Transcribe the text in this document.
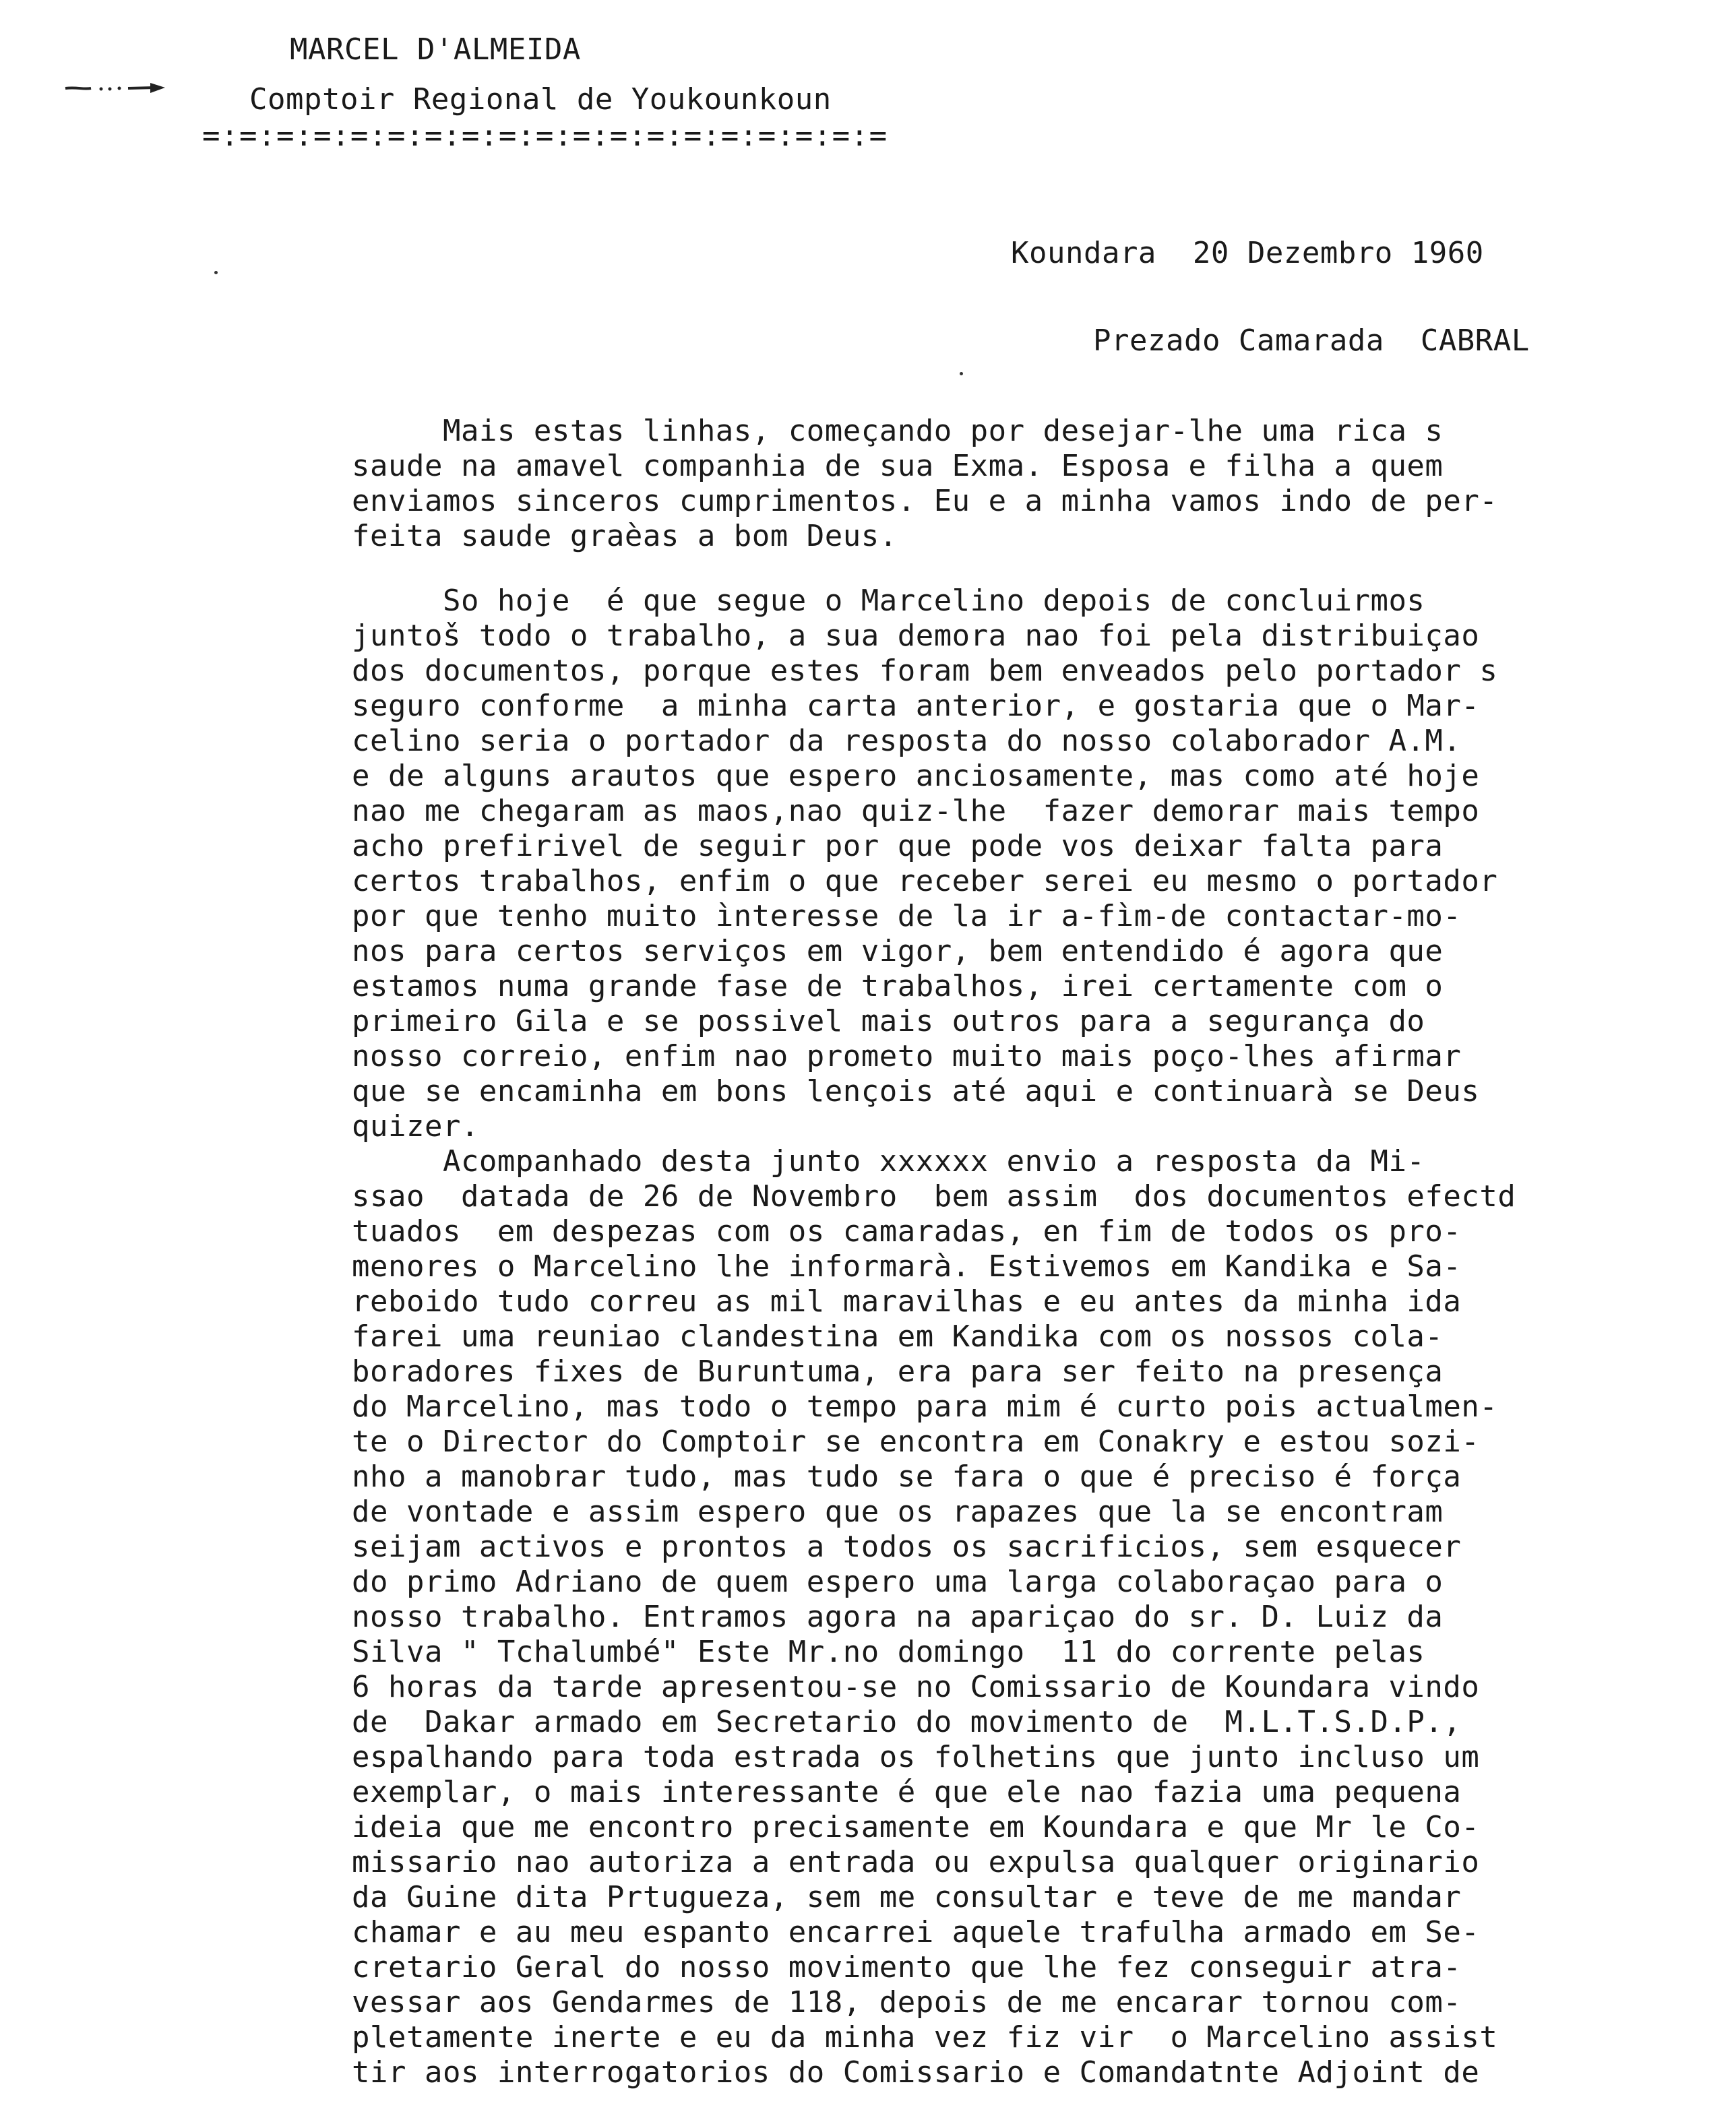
MARCEL D'ALMEIDA
Comptoir Regional de Youkounkoun
=:=:=:=:=:=:=:=:=:=:=:=:=:=:=:=:=:=:=
Koundara  20 Dezembro 1960
Prezado Camarada  CABRAL
Mais estas linhas, começando por desejar-lhe uma rica s
saude na amavel companhia de sua Exma. Esposa e filha a quem
enviamos sinceros cumprimentos. Eu e a minha vamos indo de per-
feita saude graèas a bom Deus.
So hoje  é que segue o Marcelino depois de concluirmos
juntoš todo o trabalho, a sua demora nao foi pela distribuiçao
dos documentos, porque estes foram bem enveados pelo portador s
seguro conforme  a minha carta anterior, e gostaria que o Mar-
celino seria o portador da resposta do nosso colaborador A.M.
e de alguns arautos que espero anciosamente, mas como até hoje
nao me chegaram as maos,nao quiz-lhe  fazer demorar mais tempo
acho prefirivel de seguir por que pode vos deixar falta para
certos trabalhos, enfim o que receber serei eu mesmo o portador
por que tenho muito ìnteresse de la ir a-fìm-de contactar-mo-
nos para certos serviços em vigor, bem entendido é agora que
estamos numa grande fase de trabalhos, irei certamente com o
primeiro Gila e se possivel mais outros para a segurança do
nosso correio, enfim nao prometo muito mais poço-lhes afirmar
que se encaminha em bons lençois até aqui e continuarà se Deus
quizer.
Acompanhado desta junto xxxxxx envio a resposta da Mi-
ssao  datada de 26 de Novembro  bem assim  dos documentos efectd
tuados  em despezas com os camaradas, en fim de todos os pro-
menores o Marcelino lhe informarà. Estivemos em Kandika e Sa-
reboido tudo correu as mil maravilhas e eu antes da minha ida
farei uma reuniao clandestina em Kandika com os nossos cola-
boradores fixes de Buruntuma, era para ser feito na presença
do Marcelino, mas todo o tempo para mim é curto pois actualmen-
te o Director do Comptoir se encontra em Conakry e estou sozi-
nho a manobrar tudo, mas tudo se fara o que é preciso é força
de vontade e assim espero que os rapazes que la se encontram
seijam activos e prontos a todos os sacrificios, sem esquecer
do primo Adriano de quem espero uma larga colaboraçao para o
nosso trabalho. Entramos agora na apariçao do sr. D. Luiz da
Silva " Tchalumbé" Este Mr.no domingo  11 do corrente pelas
6 horas da tarde apresentou-se no Comissario de Koundara vindo
de  Dakar armado em Secretario do movimento de  M.L.T.S.D.P.,
espalhando para toda estrada os folhetins que junto incluso um
exemplar, o mais interessante é que ele nao fazia uma pequena
ideia que me encontro precisamente em Koundara e que Mr le Co-
missario nao autoriza a entrada ou expulsa qualquer originario
da Guine dita Prtugueza, sem me consultar e teve de me mandar
chamar e au meu espanto encarrei aquele trafulha armado em Se-
cretario Geral do nosso movimento que lhe fez conseguir atra-
vessar aos Gendarmes de 118, depois de me encarar tornou com-
pletamente inerte e eu da minha vez fiz vir  o Marcelino assist
tir aos interrogatorios do Comissario e Comandatnte Adjoint de
